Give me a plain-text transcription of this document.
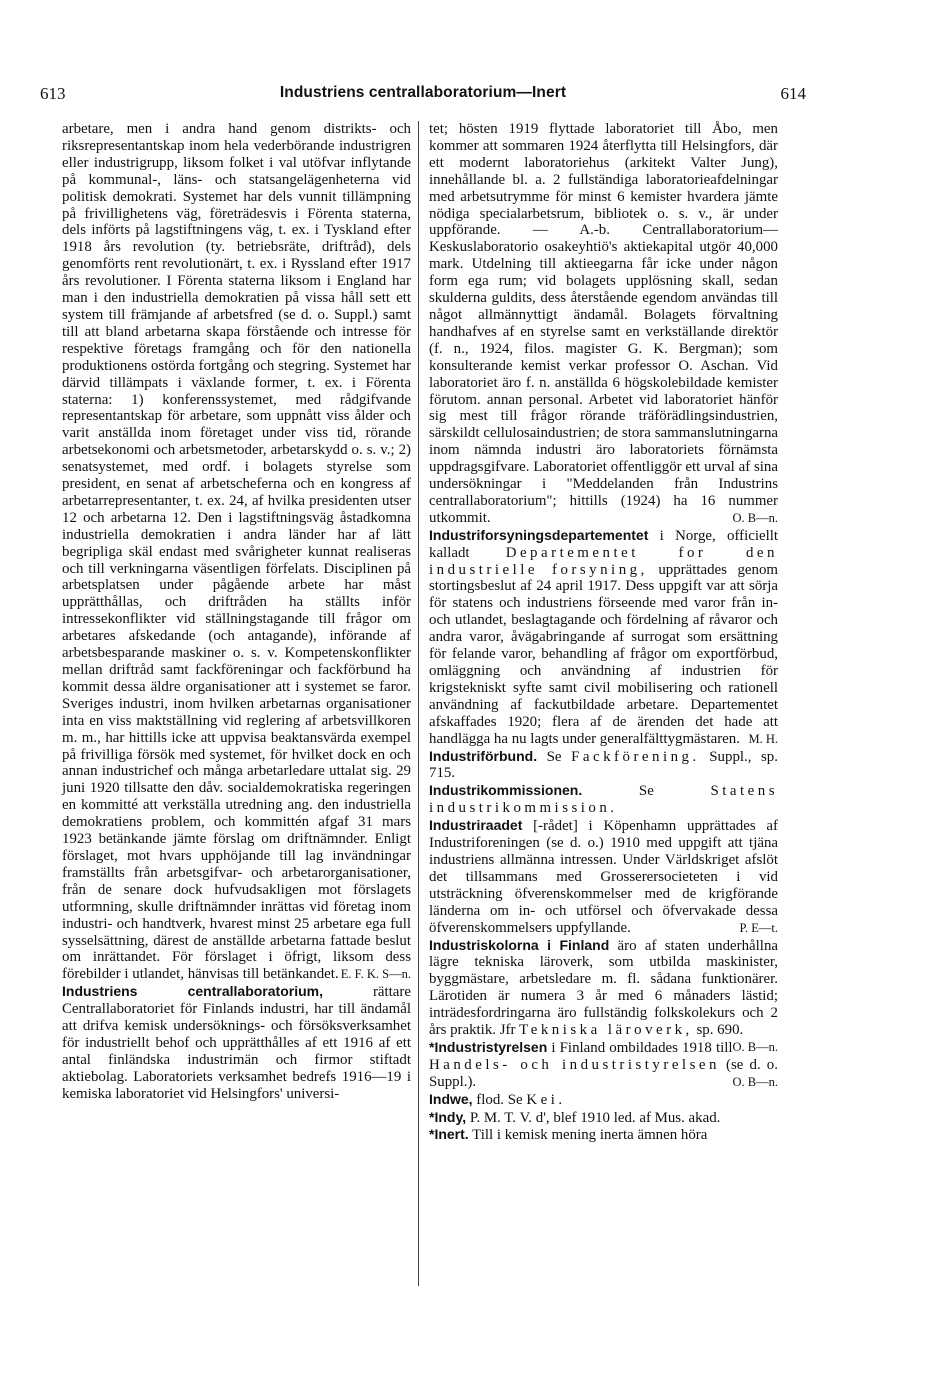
613	Industriens centrallaboratorium—Inert	614

arbetare, men i andra hand genom distrikts- och riksrepresentantskap inom hela vederbörande industrigren eller industrigrupp, liksom folket i val utöfvar inflytande på kommunal-, läns- och statsangelägenheterna vid politisk demokrati. Systemet har dels vunnit tillämpning på frivillighetens väg, företrädesvis i Förenta staterna, dels införts på lagstiftningens väg, t. ex. i Tyskland efter 1918 års revolution (ty. betriebsräte, driftråd), dels genomförts rent revolutionärt, t. ex. i Ryssland efter 1917 års revolutioner. I Förenta staterna liksom i England har man i den industriella demokratien på vissa håll sett ett system till främjande af arbetsfred (se d. o. Suppl.) samt till att bland arbetarna skapa förstående och intresse för respektive företags framgång och för den nationella produktionens ostörda fortgång och stegring. Systemet har därvid tillämpats i växlande former, t. ex. i Förenta staterna: 1) konferenssystemet, med rådgifvande representantskap för arbetare, som uppnått viss ålder och varit anställda inom företaget under viss tid, rörande arbetsekonomi och arbetsmetoder, arbetarskydd o. s. v.; 2) senatsystemet, med ordf. i bolagets styrelse som president, en senat af arbetscheferna och en kongress af arbetarrepresentanter, t. ex. 24, af hvilka presidenten utser 12 och arbetarna 12. Den i lagstiftningsväg åstadkomna industriella demokratien i andra länder har af lätt begripliga skäl endast med svårigheter kunnat realiseras och till verkningarna väsentligen förfelats. Disciplinen på arbetsplatsen under pågående arbete har måst upprätthållas, och driftråden ha ställts inför intressekonflikter vid ställningstagande till frågor om arbetares afskedande (och antagande), införande af arbetsbesparande maskiner o. s. v. Kompetenskonflikter mellan driftråd samt fackföreningar och fackförbund ha kommit dessa äldre organisationer att i systemet se faror. Sveriges industri, inom hvilken arbetarnas organisationer inta en viss maktställning vid reglering af arbetsvillkoren m. m., har hittills icke att uppvisa beaktansvärda exempel på frivilliga försök med systemet, för hvilket dock en och annan industrichef och många arbetarledare uttalat sig. 29 juni 1920 tillsatte den dåv. socialdemokratiska regeringen en kommitté att verkställa utredning ang. den industriella demokratiens problem, och kommittén afgaf 31 mars 1923 betänkande jämte förslag om driftnämnder. Enligt förslaget, mot hvars upphöjande till lag invändningar framställts från arbetsgifvar- och arbetarorganisationer, från de senare dock hufvudsakligen mot förslagets utformning, skulle driftnämnder inrättas vid företag inom industri- och handtverk, hvarest minst 25 arbetare ega full sysselsättning, därest de anställde arbetarna fattade beslut om inrättandet. För förslaget i öfrigt, liksom dess förebilder i utlandet, hänvisas till betänkandet. E. F. K. S—n.

Industriens centrallaboratorium,	rättare Centrallaboratoriet för Finlands industri, har till ändamål att drifva kemisk undersöknings- och försöksverksamhet för industriellt behof och upprätthålles af ett 1916 af ett antal finländska industrimän och firmor stiftadt aktiebolag. Laboratoriets verksamhet bedrefs 1916—19 i kemiska laboratoriet vid Helsingfors' universi-

tet; hösten 1919 flyttade laboratoriet till Åbo, men kommer att sommaren 1924 återflytta till Helsingfors, där ett modernt laboratoriehus (arkitekt Valter Jung), innehållande bl. a. 2 fullständiga laboratorieafdelningar med arbetsutrymme för minst 6 kemister hvardera jämte nödiga specialarbetsrum, bibliotek o. s. v., är under uppförande. — A.-b. Centrallaboratorium—Keskuslaboratorio osakeyhtiö's aktiekapital utgör 40,000 mark. Utdelning till aktieegarna får icke under någon form ega rum; vid bolagets upplösning skall, sedan skulderna guldits, dess återstående egendom användas till något allmännyttigt ändamål. Bolagets förvaltning handhafves af en styrelse samt en verkställande direktör (f. n., 1924, filos. magister G. K. Bergman); som konsulterande kemist verkar professor O. Aschan. Vid laboratoriet äro f. n. anställda 6 högskolebildade kemister förutom. annan personal. Arbetet vid laboratoriet hänför sig mest till frågor rörande träförädlingsindustrien, särskildt cellulosaindustrien; de stora sammanslutningarna inom nämnda industri äro laboratoriets förnämsta uppdragsgifvare. Laboratoriet offentliggör ett urval af sina undersökningar i "Meddelanden från Industrins centrallaboratorium"; hittills (1924) ha 16 nummer utkommit.	O. B—n.

Industriforsyningsdepartementet i Norge, officiellt kalladt Departementet for den industrielle forsyning, upprättades genom stortingsbeslut af 24 april 1917. Dess uppgift var att sörja för statens och industriens förseende med varor från in- och utlandet, beslagtagande och fördelning af råvaror och andra varor, åvägabringande af surrogat som ersättning för felande varor, behandling af frågor om exportförbud, omläggning och användning af industrien för krigstekniskt syfte samt civil mobilisering och rationell användning af fackutbildade arbetare. Departementet afskaffades 1920; flera af de ärenden det hade att handlägga ha nu lagts under generalfälttygmästaren. M. H.

Industriförbund. Se Fackförening. Suppl., sp. 715.

Industrikommissionen.	Se	Statens industrikommission.

Industriraadet [-rådet] i Köpenhamn upprättades af Industriforeningen (se d. o.) 1910 med uppgift att tjäna industriens allmänna intressen. Under Världskriget afslöt det tillsammans med Grosserersocieteten i vid utsträckning öfverenskommelser med de krigförande länderna om in- och utförsel och öfvervakade dessa öfverenskommelsers uppfyllande.	P. E—t.

Industriskolorna i Finland äro af staten underhållna lägre tekniska läroverk, som utbilda maskinister, byggmästare, arbetsledare m. fl. sådana funktionärer. Lärotiden är numera 3 år med 6 månaders lästid; inträdesfordringarna äro fullständig folkskolekurs och 2 års praktik. Jfr Tekniska läroverk, sp. 690.
O. B—n.

*Industristyrelsen i Finland ombildades 1918 till Handels- och industristyrelsen (se d. o. Suppl.).	O. B—n.

Indwe, flod. Se Kei.

*Indy, P. M. T. V. d', blef 1910 led. af Mus. akad.

*Inert. Till i kemisk mening inerta ämnen höra
